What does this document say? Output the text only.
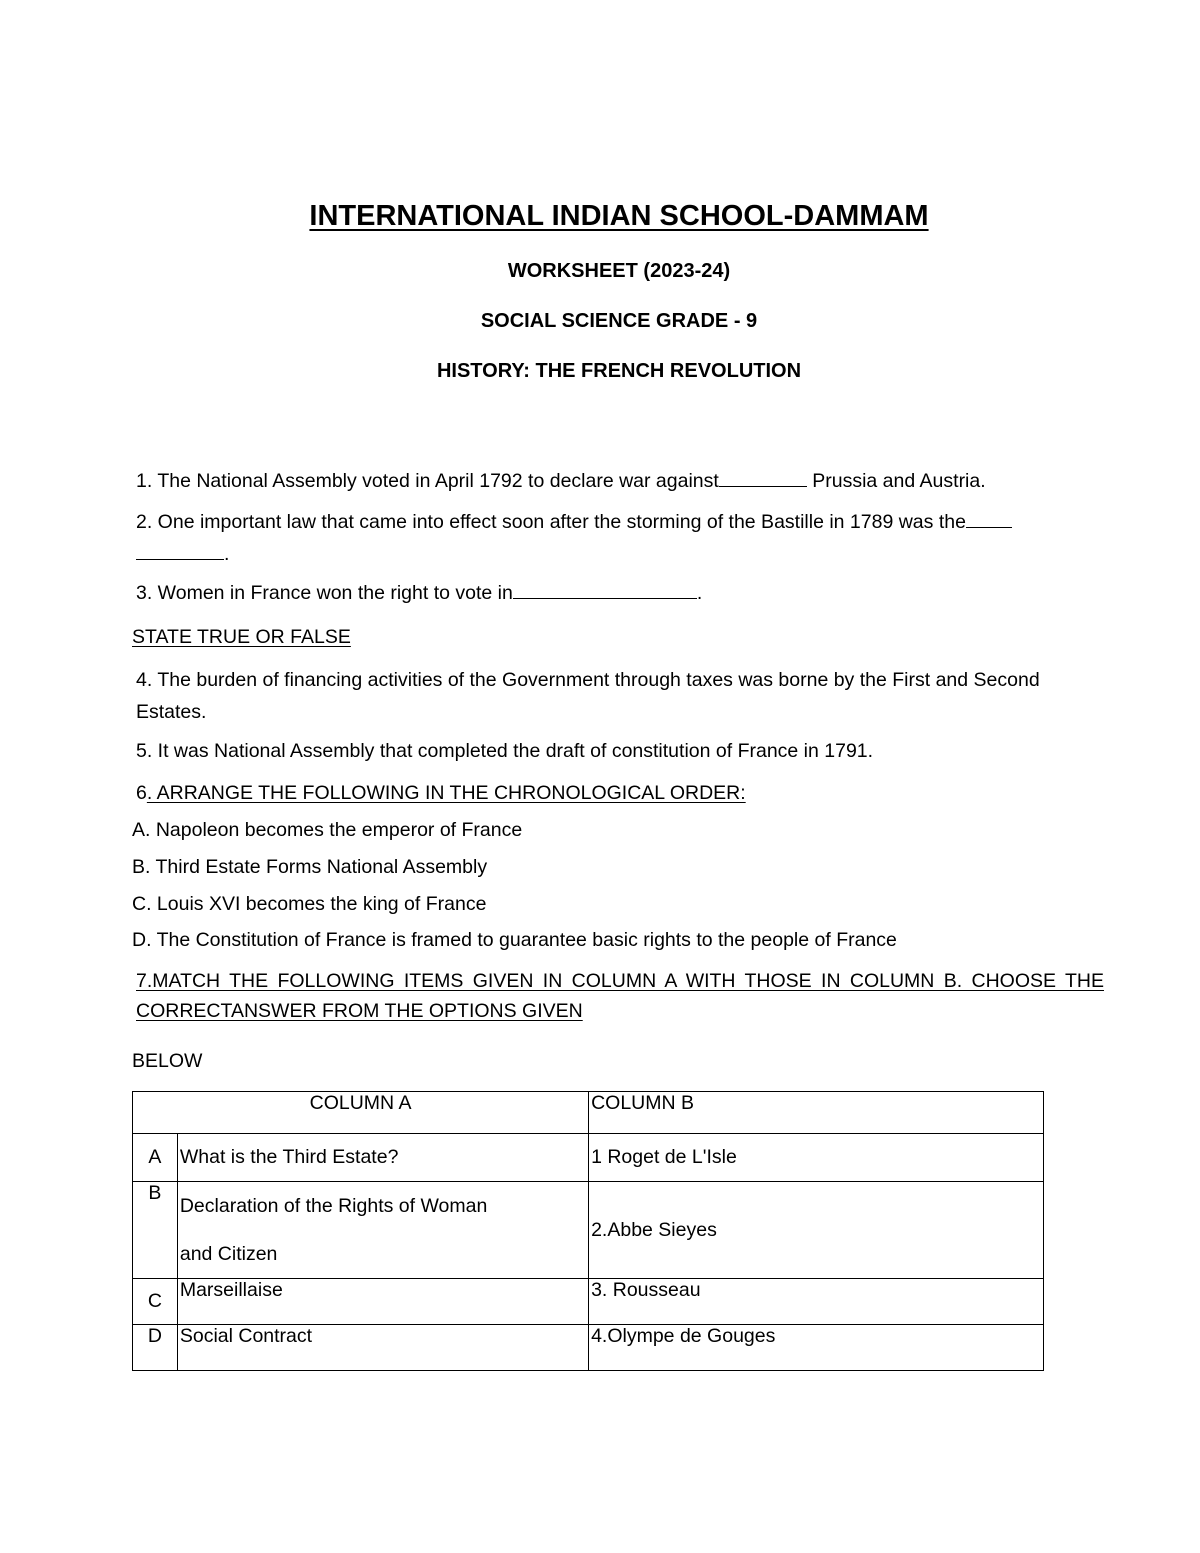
INTERNATIONAL INDIAN SCHOOL-DAMMAM
WORKSHEET (2023-24)
SOCIAL SCIENCE GRADE - 9
HISTORY: THE FRENCH REVOLUTION
1. The National Assembly voted in April 1792 to declare war against	Prussia and Austria.
2. One important law that came into effect soon after the storming of the Bastille in 1789 was the
.
3. Women in France won the right to vote in	.
STATE TRUE OR FALSE
4. The burden of financing activities of the Government through taxes was borne by the First and Second
Estates.
5. It was National Assembly that completed the draft of constitution of France in 1791.
6. ARRANGE THE FOLLOWING IN THE CHRONOLOGICAL ORDER:
A. Napoleon becomes the emperor of France
B. Third Estate Forms National Assembly
C. Louis XVI becomes the king of France
D. The Constitution of France is framed to guarantee basic rights to the people of France
7.MATCH THE FOLLOWING ITEMS GIVEN IN COLUMN A WITH THOSE IN COLUMN B. CHOOSE THE
CORRECTANSWER FROM THE OPTIONS GIVEN
BELOW
COLUMN A		COLUMN B
A	What is the Third Estate?	1 Roget de L'Isle
B	Declaration of the Rights of Woman
and Citizen	2.Abbe Sieyes
C	Marseillaise	3. Rousseau
D	Social Contract	4.Olympe de Gouges
